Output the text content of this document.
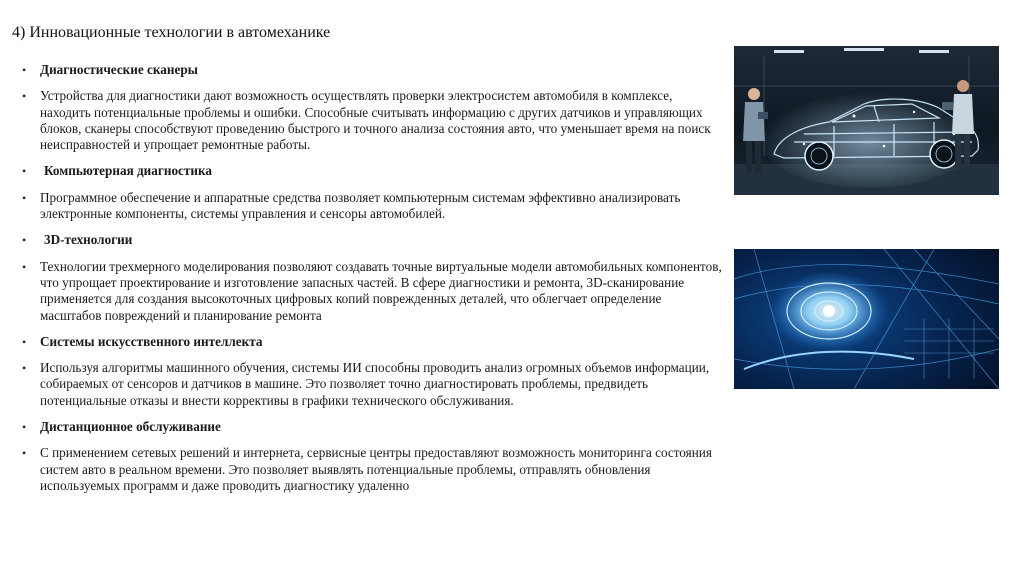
4) Инновационные технологии в автомеханике
•	Диагностические сканеры
•	Устройства для диагностики дают возможность осуществлять проверки электросистем автомобиля в комплексе, находить потенциальные проблемы и ошибки. Способные считывать информацию с других датчиков и управляющих блоков, сканеры способствуют проведению быстрого и точного анализа состояния авто, что уменьшает время на поиск неисправностей и упрощает ремонтные работы.
•	Компьютерная диагностика
•	Программное обеспечение и аппаратные средства позволяет компьютерным системам эффективно анализировать электронные компоненты, системы управления и сенсоры автомобилей.
•	3D-технологии
•	Технологии трехмерного моделирования позволяют создавать точные виртуальные модели автомобильных компонентов, что упрощает проектирование и изготовление запасных частей. В сфере диагностики и ремонта, 3D-сканирование применяется для создания высокоточных цифровых копий поврежденных деталей, что облегчает определение масштабов повреждений и планирование ремонта
•	Системы искусственного интеллекта
•	Используя алгоритмы машинного обучения, системы ИИ способны проводить анализ огромных объемов информации, собираемых от сенсоров и датчиков в машине. Это позволяет точно диагностировать проблемы, предвидеть потенциальные отказы и внести коррективы в графики технического обслуживания.
•	Дистанционное обслуживание
•	С применением сетевых решений и интернета, сервисные центры предоставляют возможность мониторинга состояния систем авто в реальном времени. Это позволяет выявлять потенциальные проблемы, отправлять обновления используемых программ и даже проводить диагностику удаленно
